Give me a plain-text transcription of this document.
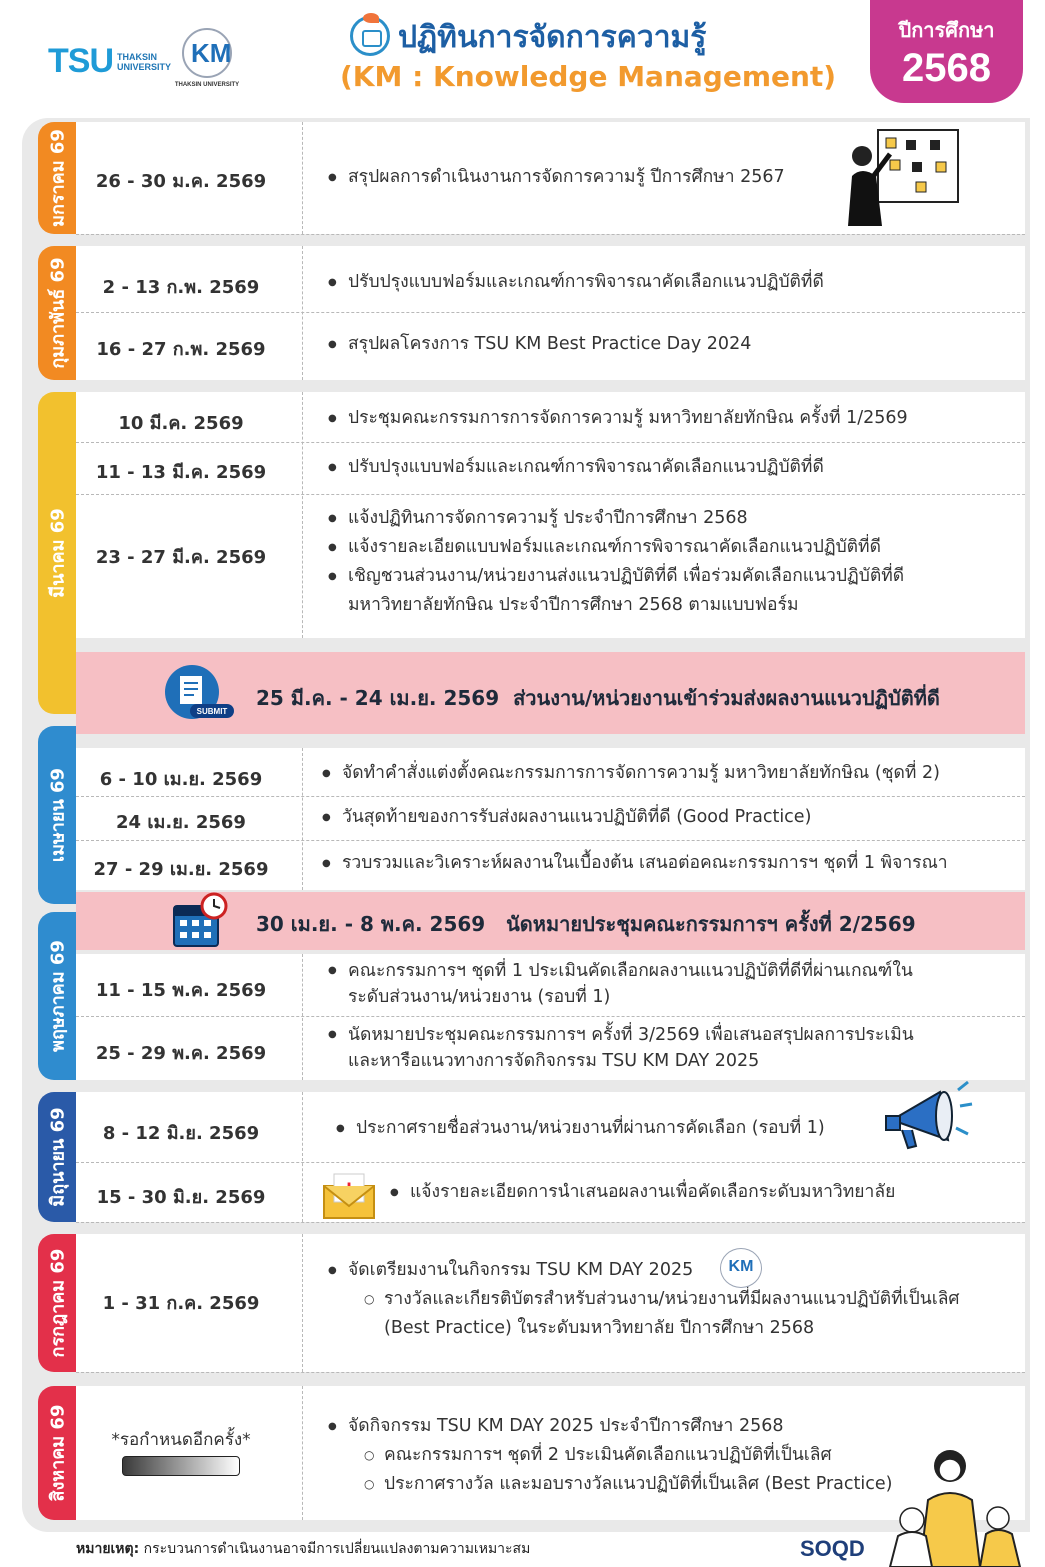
TSU THAKSIN
UNIVERSITY KM
THAKSIN UNIVERSITY
ปฏิทินการจัดการความรู้
(KM : Knowledge Management)
ปีการศึกษา
2568
มกราคม 69
กุมภาพันธ์ 69
มีนาคม 69
เมษายน 69
พฤษภาคม 69
มิถุนายน 69
กรกฎาคม 69
สิงหาคม 69
26 - 30 ม.ค. 2569	● สรุปผลการดำเนินงานการจัดการความรู้ ปีการศึกษา 2567
2 - 13 ก.พ. 2569	● ปรับปรุงแบบฟอร์มและเกณฑ์การพิจารณาคัดเลือกแนวปฏิบัติที่ดี
16 - 27 ก.พ. 2569	● สรุปผลโครงการ TSU KM Best Practice Day 2024
10 มี.ค. 2569	● ประชุมคณะกรรมการการจัดการความรู้ มหาวิทยาลัยทักษิณ ครั้งที่ 1/2569
11 - 13 มี.ค. 2569	● ปรับปรุงแบบฟอร์มและเกณฑ์การพิจารณาคัดเลือกแนวปฏิบัติที่ดี
23 - 27 มี.ค. 2569
● แจ้งปฏิทินการจัดการความรู้ ประจำปีการศึกษา 2568
● แจ้งรายละเอียดแบบฟอร์มและเกณฑ์การพิจารณาคัดเลือกแนวปฏิบัติที่ดี
● เชิญชวนส่วนงาน/หน่วยงานส่งแนวปฏิบัติที่ดี เพื่อร่วมคัดเลือกแนวปฏิบัติที่ดี
มหาวิทยาลัยทักษิณ ประจำปีการศึกษา 2568 ตามแบบฟอร์ม
SUBMIT
25 มี.ค. - 24 เม.ย. 2569 ส่วนงาน/หน่วยงานเข้าร่วมส่งผลงานแนวปฏิบัติที่ดี
6 - 10 เม.ย. 2569	● จัดทำคำสั่งแต่งตั้งคณะกรรมการการจัดการความรู้ มหาวิทยาลัยทักษิณ (ชุดที่ 2)
24 เม.ย. 2569	● วันสุดท้ายของการรับส่งผลงานแนวปฏิบัติที่ดี (Good Practice)
27 - 29 เม.ย. 2569	● รวบรวมและวิเคราะห์ผลงานในเบื้องต้น เสนอต่อคณะกรรมการฯ ชุดที่ 1 พิจารณา
30 เม.ย. - 8 พ.ค. 2569 นัดหมายประชุมคณะกรรมการฯ ครั้งที่ 2/2569
11 - 15 พ.ค. 2569
● คณะกรรมการฯ ชุดที่ 1 ประเมินคัดเลือกผลงานแนวปฏิบัติที่ดีที่ผ่านเกณฑ์ใน
ระดับส่วนงาน/หน่วยงาน (รอบที่ 1)
25 - 29 พ.ค. 2569
● นัดหมายประชุมคณะกรรมการฯ ครั้งที่ 3/2569 เพื่อเสนอสรุปผลการประเมิน
และหารือแนวทางการจัดกิจกรรม TSU KM DAY 2025
8 - 12 มิ.ย. 2569	● ประกาศรายชื่อส่วนงาน/หน่วยงานที่ผ่านการคัดเลือก (รอบที่ 1)
15 - 30 มิ.ย. 2569	● แจ้งรายละเอียดการนำเสนอผลงานเพื่อคัดเลือกระดับมหาวิทยาลัย
1 - 31 ก.ค. 2569
● จัดเตรียมงานในกิจกรรม TSU KM DAY 2025
○ รางวัลและเกียรติบัตรสำหรับส่วนงาน/หน่วยงานที่มีผลงานแนวปฏิบัติที่เป็นเลิศ
(Best Practice) ในระดับมหาวิทยาลัย ปีการศึกษา 2568
KM
*รอกำหนดอีกครั้ง*
● จัดกิจกรรม TSU KM DAY 2025 ประจำปีการศึกษา 2568
○ คณะกรรมการฯ ชุดที่ 2 ประเมินคัดเลือกแนวปฏิบัติที่เป็นเลิศ
○ ประกาศรางวัล และมอบรางวัลแนวปฏิบัติที่เป็นเลิศ (Best Practice)
หมายเหตุ: กระบวนการดำเนินงานอาจมีการเปลี่ยนแปลงตามความเหมาะสม	SOQD
